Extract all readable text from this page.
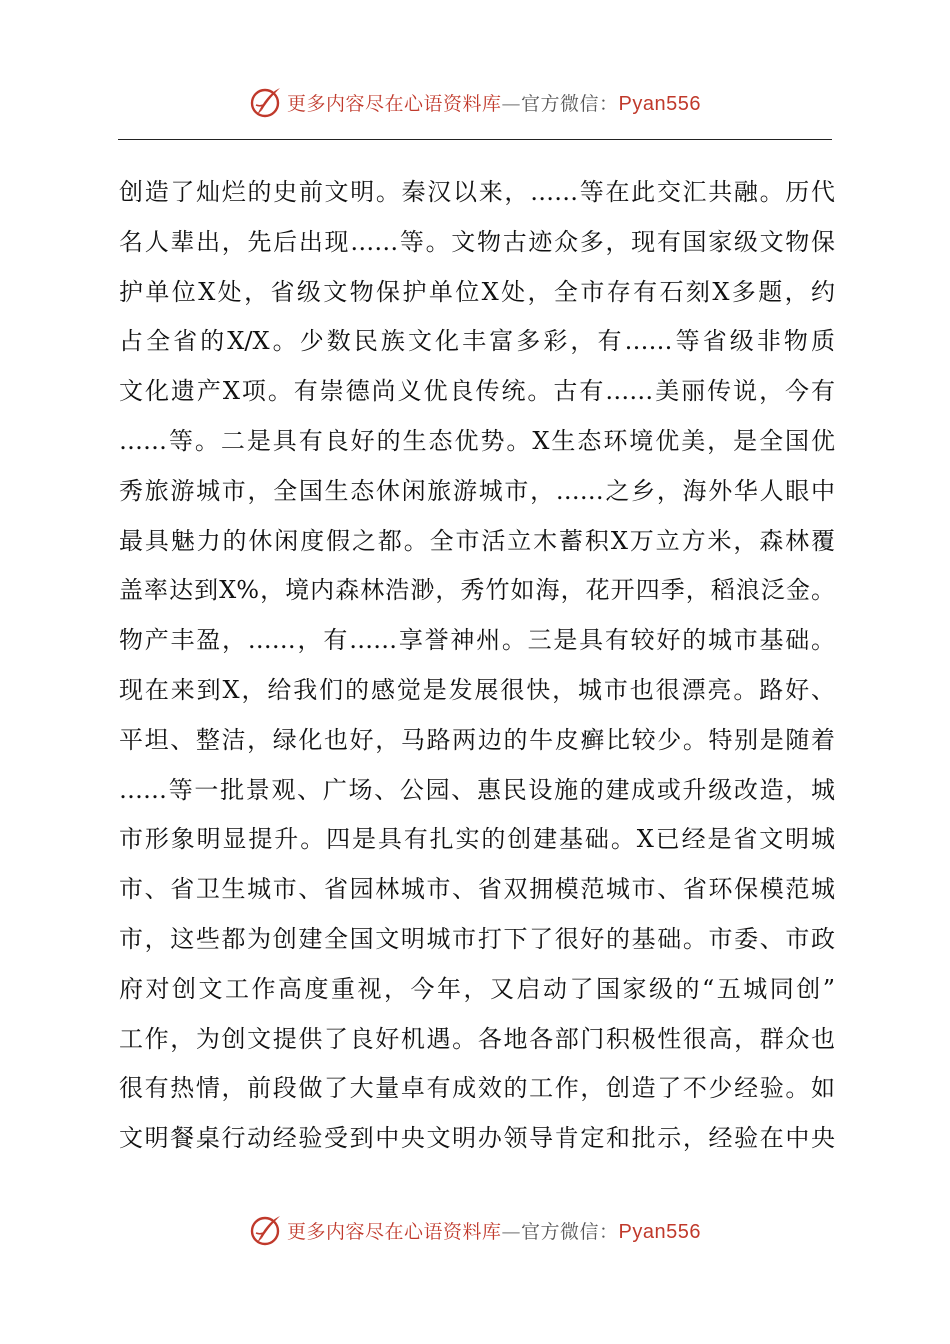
更多内容尽在心语资料库—官方微信：Pyan556
创造了灿烂的史前文明。秦汉以来，……等在此交汇共融。历代
名人辈出，先后出现……等。文物古迹众多，现有国家级文物保
护单位X处，省级文物保护单位X处，全市存有石刻X多题，约
占全省的X/X。少数民族文化丰富多彩，有……等省级非物质
文化遗产X项。有崇德尚义优良传统。古有……美丽传说，今有
……等。二是具有良好的生态优势。X生态环境优美，是全国优
秀旅游城市，全国生态休闲旅游城市，……之乡，海外华人眼中
最具魅力的休闲度假之都。全市活立木蓄积X万立方米，森林覆
盖率达到X%，境内森林浩渺，秀竹如海，花开四季，稻浪泛金。
物产丰盈，……，有……享誉神州。三是具有较好的城市基础。
现在来到X，给我们的感觉是发展很快，城市也很漂亮。路好、
平坦、整洁，绿化也好，马路两边的牛皮癣比较少。特别是随着
……等一批景观、广场、公园、惠民设施的建成或升级改造，城
市形象明显提升。四是具有扎实的创建基础。X已经是省文明城
市、省卫生城市、省园林城市、省双拥模范城市、省环保模范城
市，这些都为创建全国文明城市打下了很好的基础。市委、市政
府对创文工作高度重视，今年，又启动了国家级的“五城同创”
工作，为创文提供了良好机遇。各地各部门积极性很高，群众也
很有热情，前段做了大量卓有成效的工作，创造了不少经验。如
文明餐桌行动经验受到中央文明办领导肯定和批示，经验在中央
更多内容尽在心语资料库—官方微信：Pyan556
